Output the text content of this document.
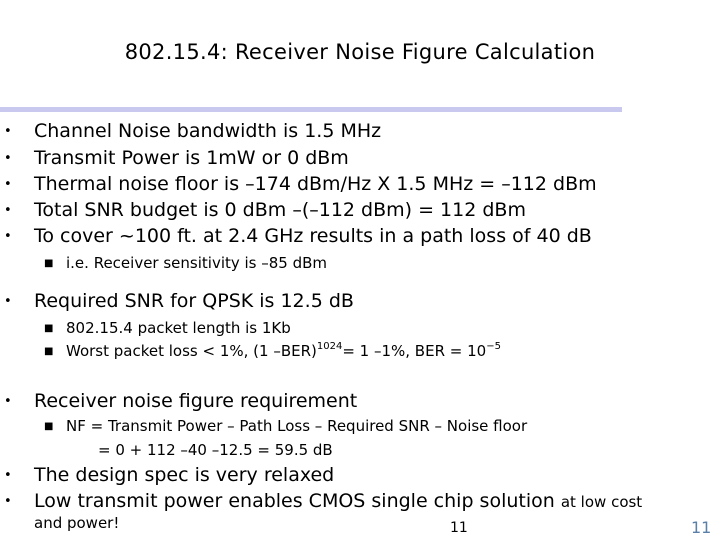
802.15.4: Receiver Noise Figure Calculation
• Channel Noise bandwidth is 1.5 MHz
• Transmit Power is 1mW or 0 dBm
• Thermal noise floor is –174 dBm/Hz X 1.5 MHz = –112 dBm
• Total SNR budget is 0 dBm –(–112 dBm) = 112 dBm
• To cover ~100 ft. at 2.4 GHz results in a path loss of 40 dB
■ i.e. Receiver sensitivity is –85 dBm
• Required SNR for QPSK is 12.5 dB
■ 802.15.4 packet length is 1Kb
■ Worst packet loss < 1%, (1 –BER)$^{1024}$= 1 –1%, BER = $10^{-5}$
• Receiver noise figure requirement
■ NF = Transmit Power – Path Loss – Required SNR – Noise floor
= 0 + 112 –40 –12.5 = 59.5 dB
• The design spec is very relaxed
• Low transmit power enables CMOS single chip solution at low cost
and power!	11	11
